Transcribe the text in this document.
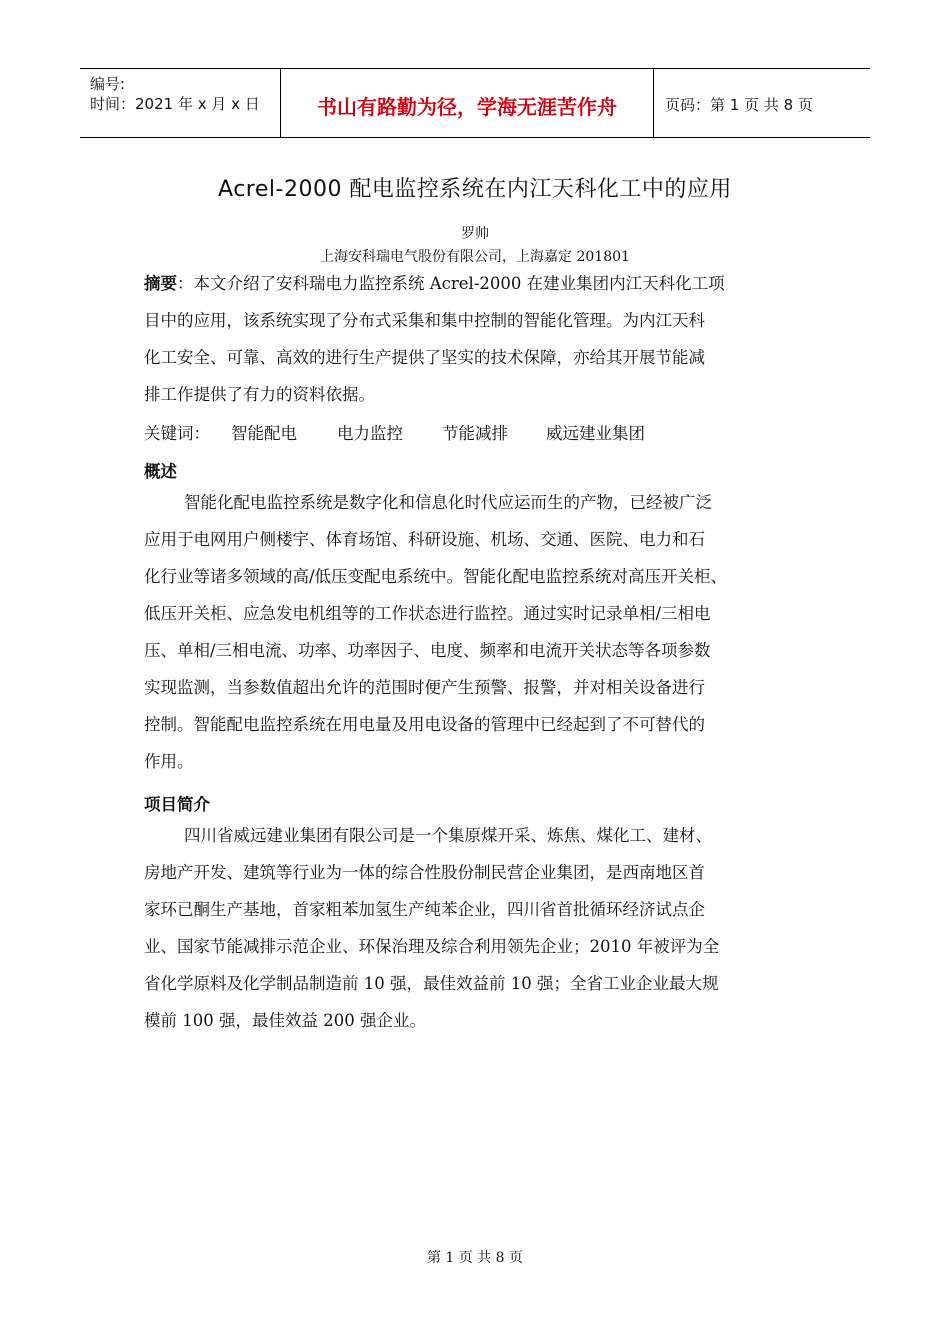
编号:
时间：2021 年 x 月 x 日	书山有路勤为径，学海无涯苦作舟	页码：第 1 页 共 8 页
Acrel-2000 配电监控系统在内江天科化工中的应用
罗帅
上海安科瑞电气股份有限公司，上海嘉定 201801
摘要：本文介绍了安科瑞电力监控系统 Acrel-2000 在建业集团内江天科化工项
目中的应用，该系统实现了分布式采集和集中控制的智能化管理。为内江天科
化工安全、可靠、高效的进行生产提供了坚实的技术保障，亦给其开展节能减
排工作提供了有力的资料依据。
关键词： 智能配电 电力监控 节能减排 威远建业集团
概述
智能化配电监控系统是数字化和信息化时代应运而生的产物，已经被广泛
应用于电网用户侧楼宇、体育场馆、科研设施、机场、交通、医院、电力和石
化行业等诸多领域的高/低压变配电系统中。智能化配电监控系统对高压开关柜、
低压开关柜、应急发电机组等的工作状态进行监控。通过实时记录单相/三相电
压、单相/三相电流、功率、功率因子、电度、频率和电流开关状态等各项参数
实现监测，当参数值超出允许的范围时便产生预警、报警，并对相关设备进行
控制。智能配电监控系统在用电量及用电设备的管理中已经起到了不可替代的
作用。
项目简介
四川省威远建业集团有限公司是一个集原煤开采、炼焦、煤化工、建材、
房地产开发、建筑等行业为一体的综合性股份制民营企业集团，是西南地区首
家环已酮生产基地，首家粗苯加氢生产纯苯企业，四川省首批循环经济试点企
业、国家节能减排示范企业、环保治理及综合利用领先企业；2010 年被评为全
省化学原料及化学制品制造前 10 强，最佳效益前 10 强；全省工业企业最大规
模前 100 强，最佳效益 200 强企业。
第 1 页 共 8 页
